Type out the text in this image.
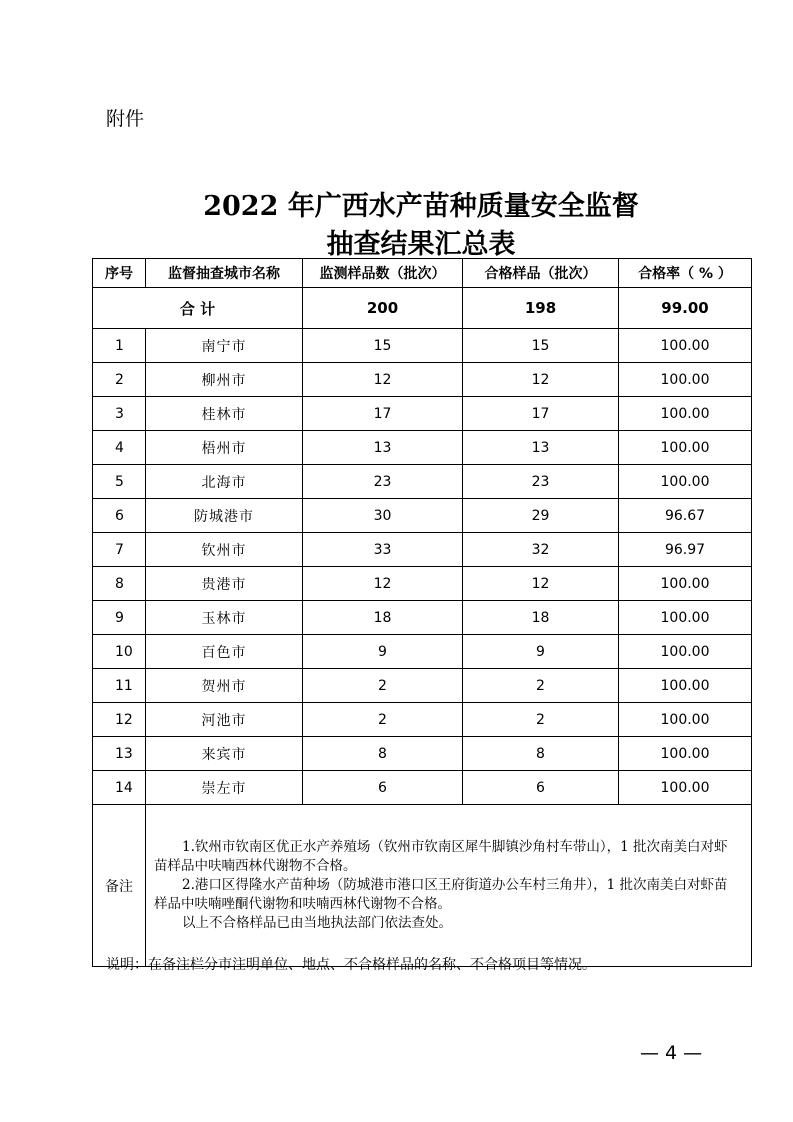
附件
2022 年广西水产苗种质量安全监督
抽查结果汇总表
序号	监督抽查城市名称	监测样品数（批次）	合格样品（批次）	合格率（ % ）
合 计		200	198	99.00
1	南宁市	15	15	100.00
2	柳州市	12	12	100.00
3	桂林市	17	17	100.00
4	梧州市	13	13	100.00
5	北海市	23	23	100.00
6	防城港市	30	29	96.67
7	钦州市	33	32	96.97
8	贵港市	12	12	100.00
9	玉林市	18	18	100.00
10	百色市	9	9	100.00
11	贺州市	2	2	100.00
12	河池市	2	2	100.00
13	来宾市	8	8	100.00
14	崇左市	6	6	100.00
备注	1.钦州市钦南区优正水产养殖场（钦州市钦南区犀牛脚镇沙角村车带山），1 批次南美白对虾苗样品中呋喃西林代谢物不合格。

2.港口区得隆水产苗种场（防城港市港口区王府街道办公车村三角井），1 批次南美白对虾苗样品中呋喃唑酮代谢物和呋喃西林代谢物不合格。

以上不合格样品已由当地执法部门依法查处。			

说明：在备注栏分市注明单位、地点、不合格样品的名称、不合格项目等情况。
— 4 —
